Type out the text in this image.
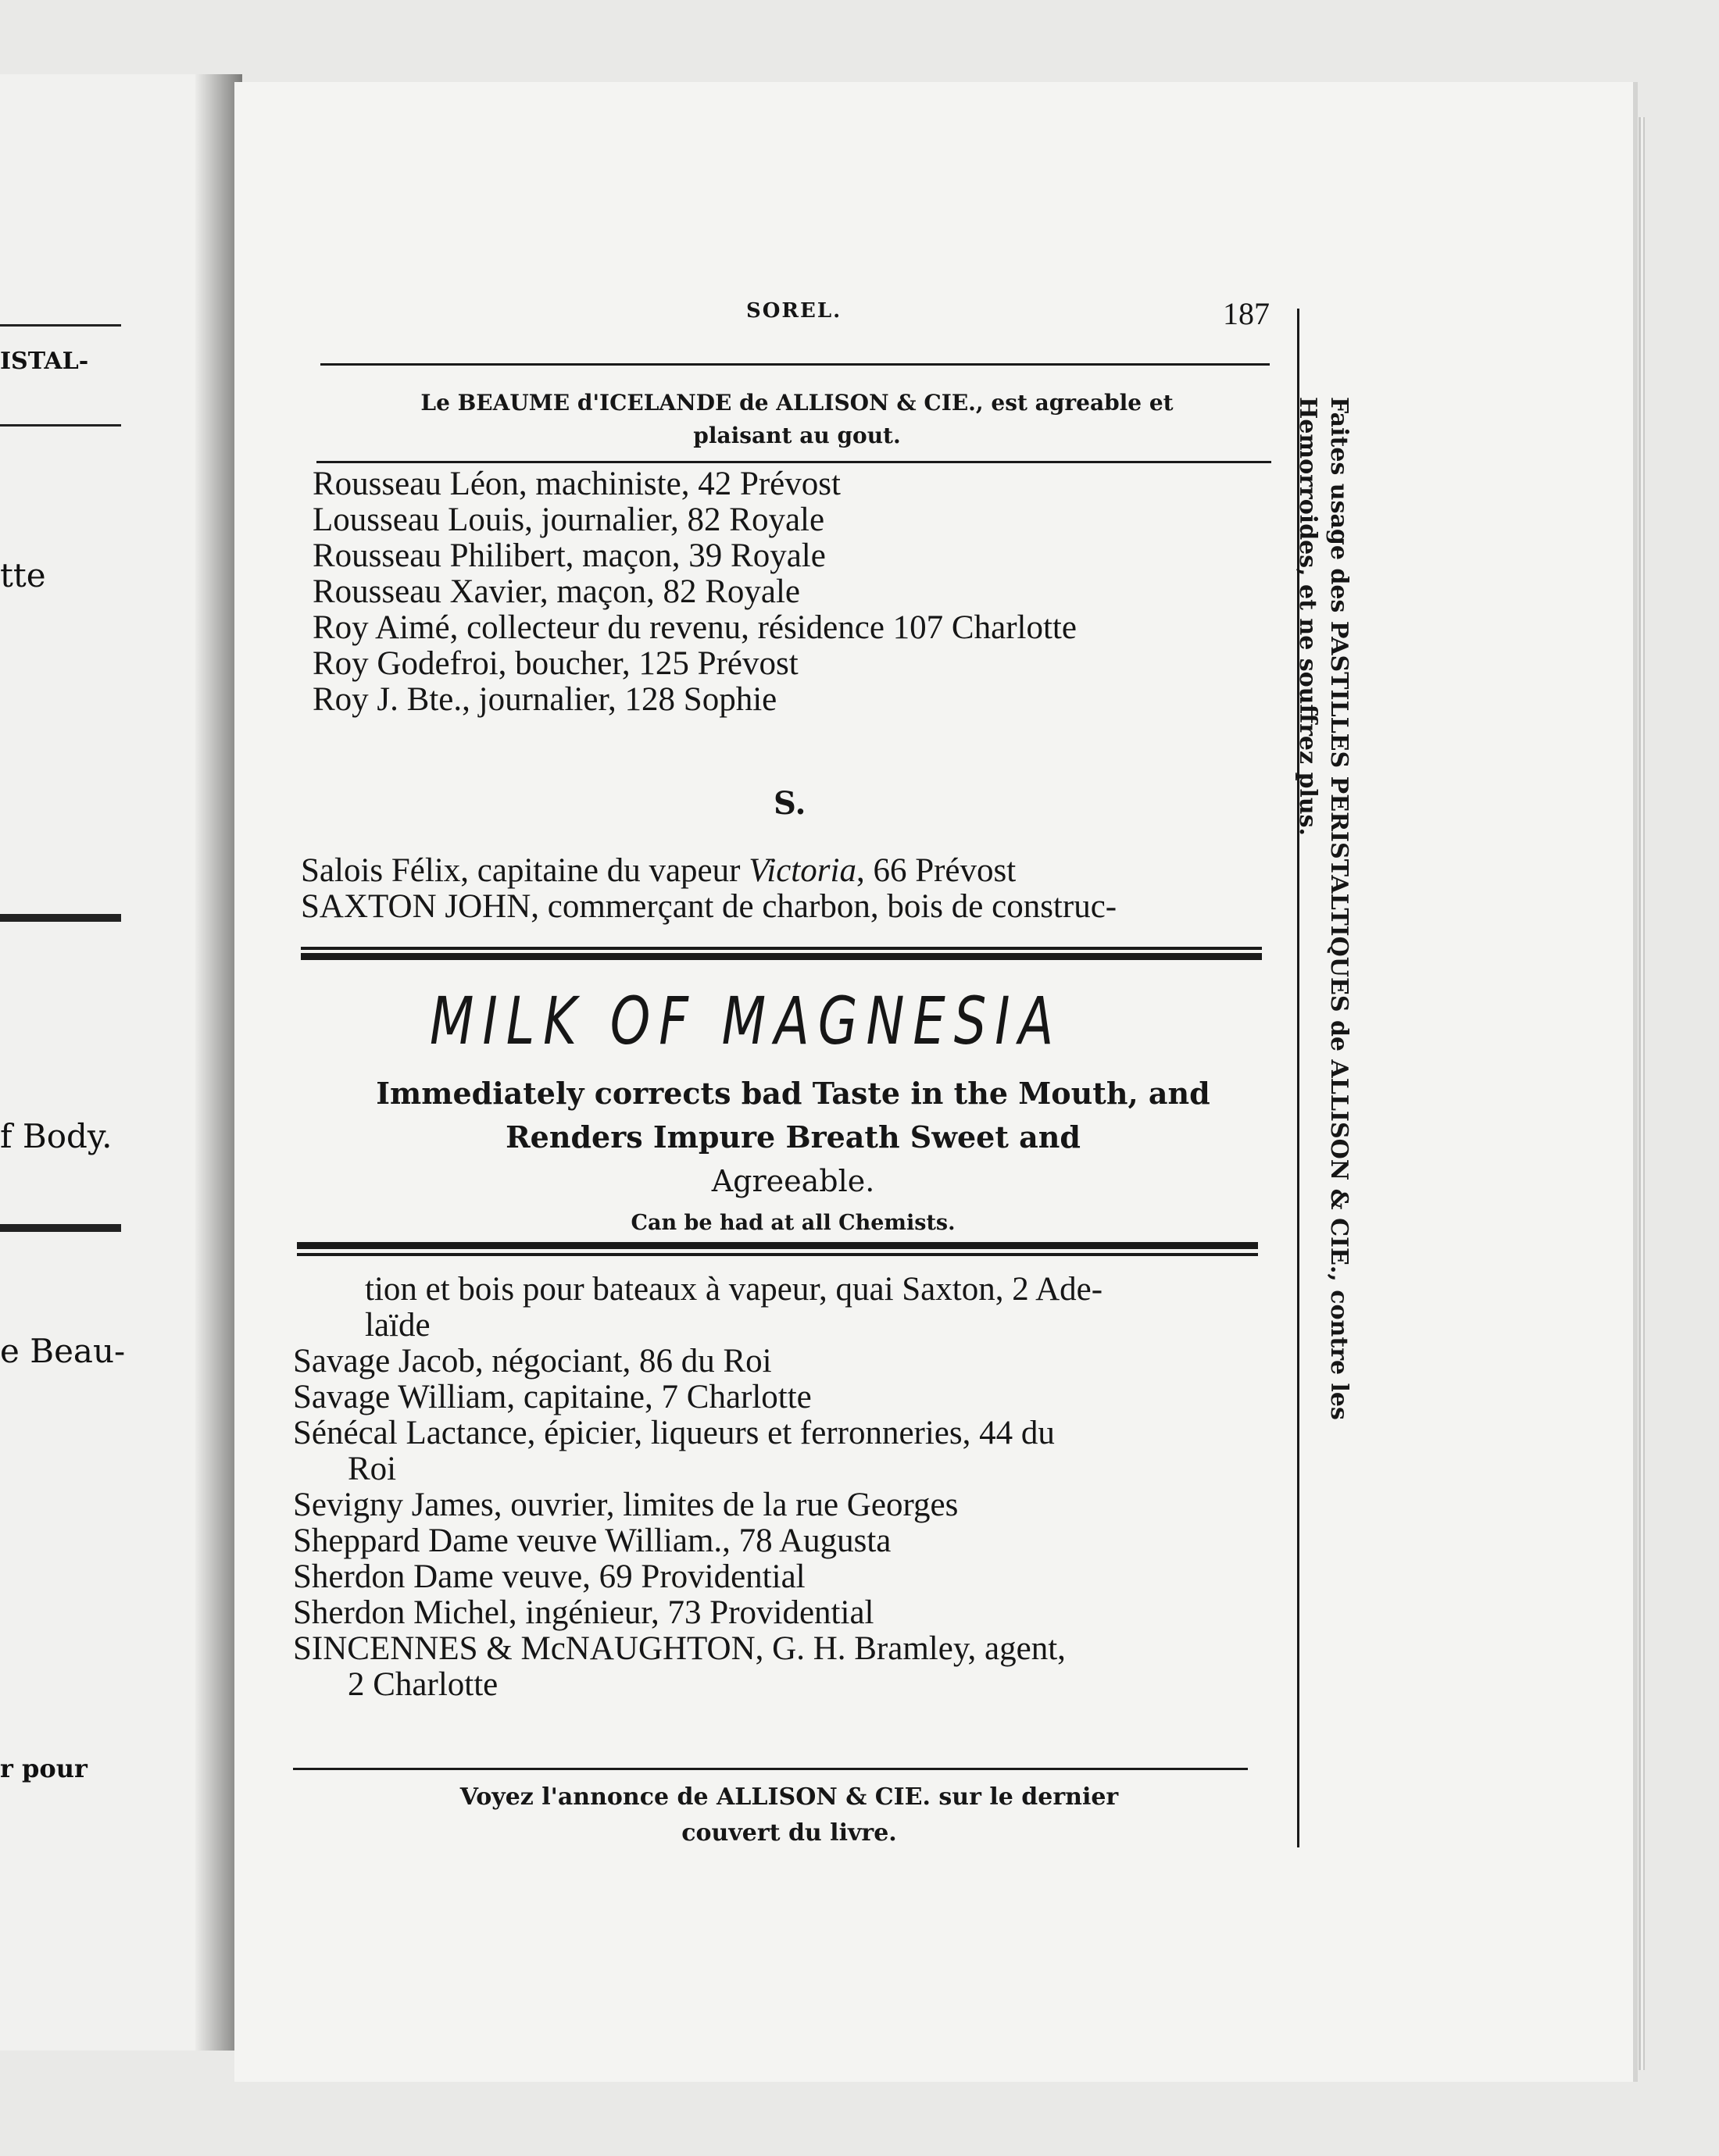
ISTAL-
tte
f Body.
e Beau-
r pour
SOREL.	187
Le BEAUME d'ICELANDE de ALLISON & CIE., est agreable et
plaisant au gout.
Rousseau Léon, machiniste, 42 Prévost
Lousseau Louis, journalier, 82 Royale
Rousseau Philibert, maçon, 39 Royale
Rousseau Xavier, maçon, 82 Royale
Roy Aimé, collecteur du revenu, résidence 107 Charlotte
Roy Godefroi, boucher, 125 Prévost
Roy J. Bte., journalier, 128 Sophie
S.
Salois Félix, capitaine du vapeur Victoria, 66 Prévost
SAXTON JOHN, commerçant de charbon, bois de construc-
MILK OF MAGNESIA
Immediately corrects bad Taste in the Mouth, and
Renders Impure Breath Sweet and
Agreeable.
Can be had at all Chemists.
tion et bois pour bateaux à vapeur, quai Saxton, 2 Ade-
laïde
Savage Jacob, négociant, 86 du Roi
Savage William, capitaine, 7 Charlotte
Sénécal Lactance, épicier, liqueurs et ferronneries, 44 du
Roi
Sevigny James, ouvrier, limites de la rue Georges
Sheppard Dame veuve William., 78 Augusta
Sherdon Dame veuve, 69 Providential
Sherdon Michel, ingénieur, 73 Providential
SINCENNES & McNAUGHTON, G. H. Bramley, agent,
2 Charlotte
Voyez l'annonce de ALLISON & CIE. sur le dernier
couvert du livre.
Faites usage des PASTILLES PERISTALTIQUES de ALLISON & CIE., contre les
Hemorroides, et ne souffrez plus.
